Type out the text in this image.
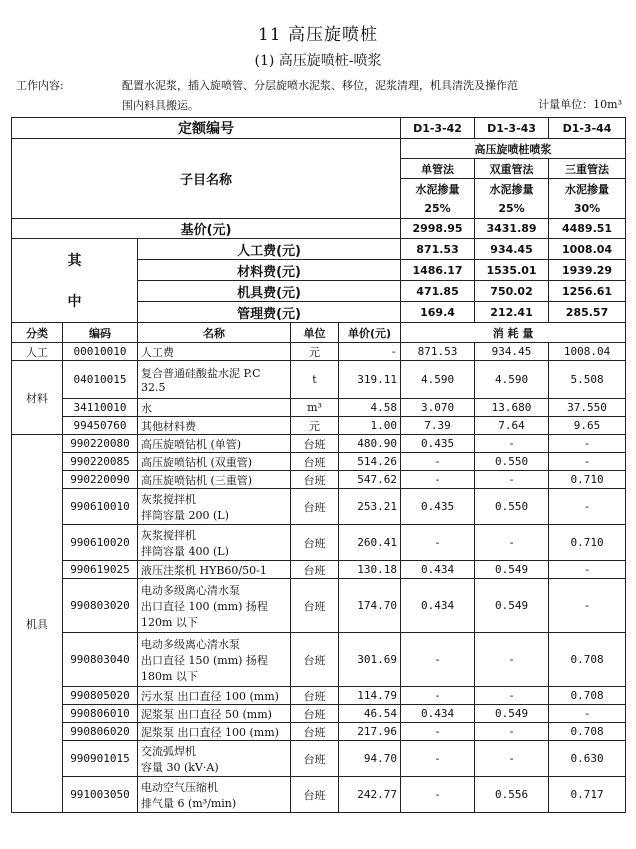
11 高压旋喷桩
(1) 高压旋喷桩-喷浆
工作内容:	配置水泥浆，插入旋喷管、分层旋喷水泥浆、移位，泥浆清理，机具清洗及操作范围内料具搬运。	计量单位：10m³
定额编号					D1-3-42	D1-3-43	D1-3-44
子目名称					高压旋喷桩喷浆		
					单管法	双重管法	三重管法
					水泥掺量	水泥掺量	水泥掺量
					25%	25%	30%
基价(元)					2998.95	3431.89	4489.51
其		人工费(元)			871.53	934.45	1008.04
		材料费(元)			1486.17	1535.01	1939.29
中		机具费(元)			471.85	750.02	1256.61
		管理费(元)			169.4	212.41	285.57
分类	编码	名称	单位	单价(元)	消 耗 量		
人工	00010010	人工费	元	-	871.53	934.45	1008.04
材料	04010015	复合普通硅酸盐水泥 P.C
32.5	t	319.11	4.590	4.590	5.508
	34110010	水	m³	4.58	3.070	13.680	37.550
	99450760	其他材料费	元	1.00	7.39	7.64	9.65
机具	990220080	高压旋喷钻机 (单管)	台班	480.90	0.435	-	-
	990220085	高压旋喷钻机 (双重管)	台班	514.26	-	0.550	-
	990220090	高压旋喷钻机 (三重管)	台班	547.62	-	-	0.710
	990610010	灰浆搅拌机
拌筒容量 200 (L)	台班	253.21	0.435	0.550	-
	990610020	灰浆搅拌机
拌筒容量 400 (L)	台班	260.41	-	-	0.710
	990619025	液压注浆机 HYB60/50-1	台班	130.18	0.434	0.549	-
	990803020	电动多级离心清水泵
出口直径 100 (mm) 扬程
120m 以下	台班	174.70	0.434	0.549	-
	990803040	电动多级离心清水泵
出口直径 150 (mm) 扬程
180m 以下	台班	301.69	-	-	0.708
	990805020	污水泵 出口直径 100 (mm)	台班	114.79	-	-	0.708
	990806010	泥浆泵 出口直径 50 (mm)	台班	46.54	0.434	0.549	-
	990806020	泥浆泵 出口直径 100 (mm)	台班	217.96	-	-	0.708
	990901015	交流弧焊机
容量 30 (kV·A)	台班	94.70	-	-	0.630
	991003050	电动空气压缩机
排气量 6 (m³/min)	台班	242.77	-	0.556	0.717
